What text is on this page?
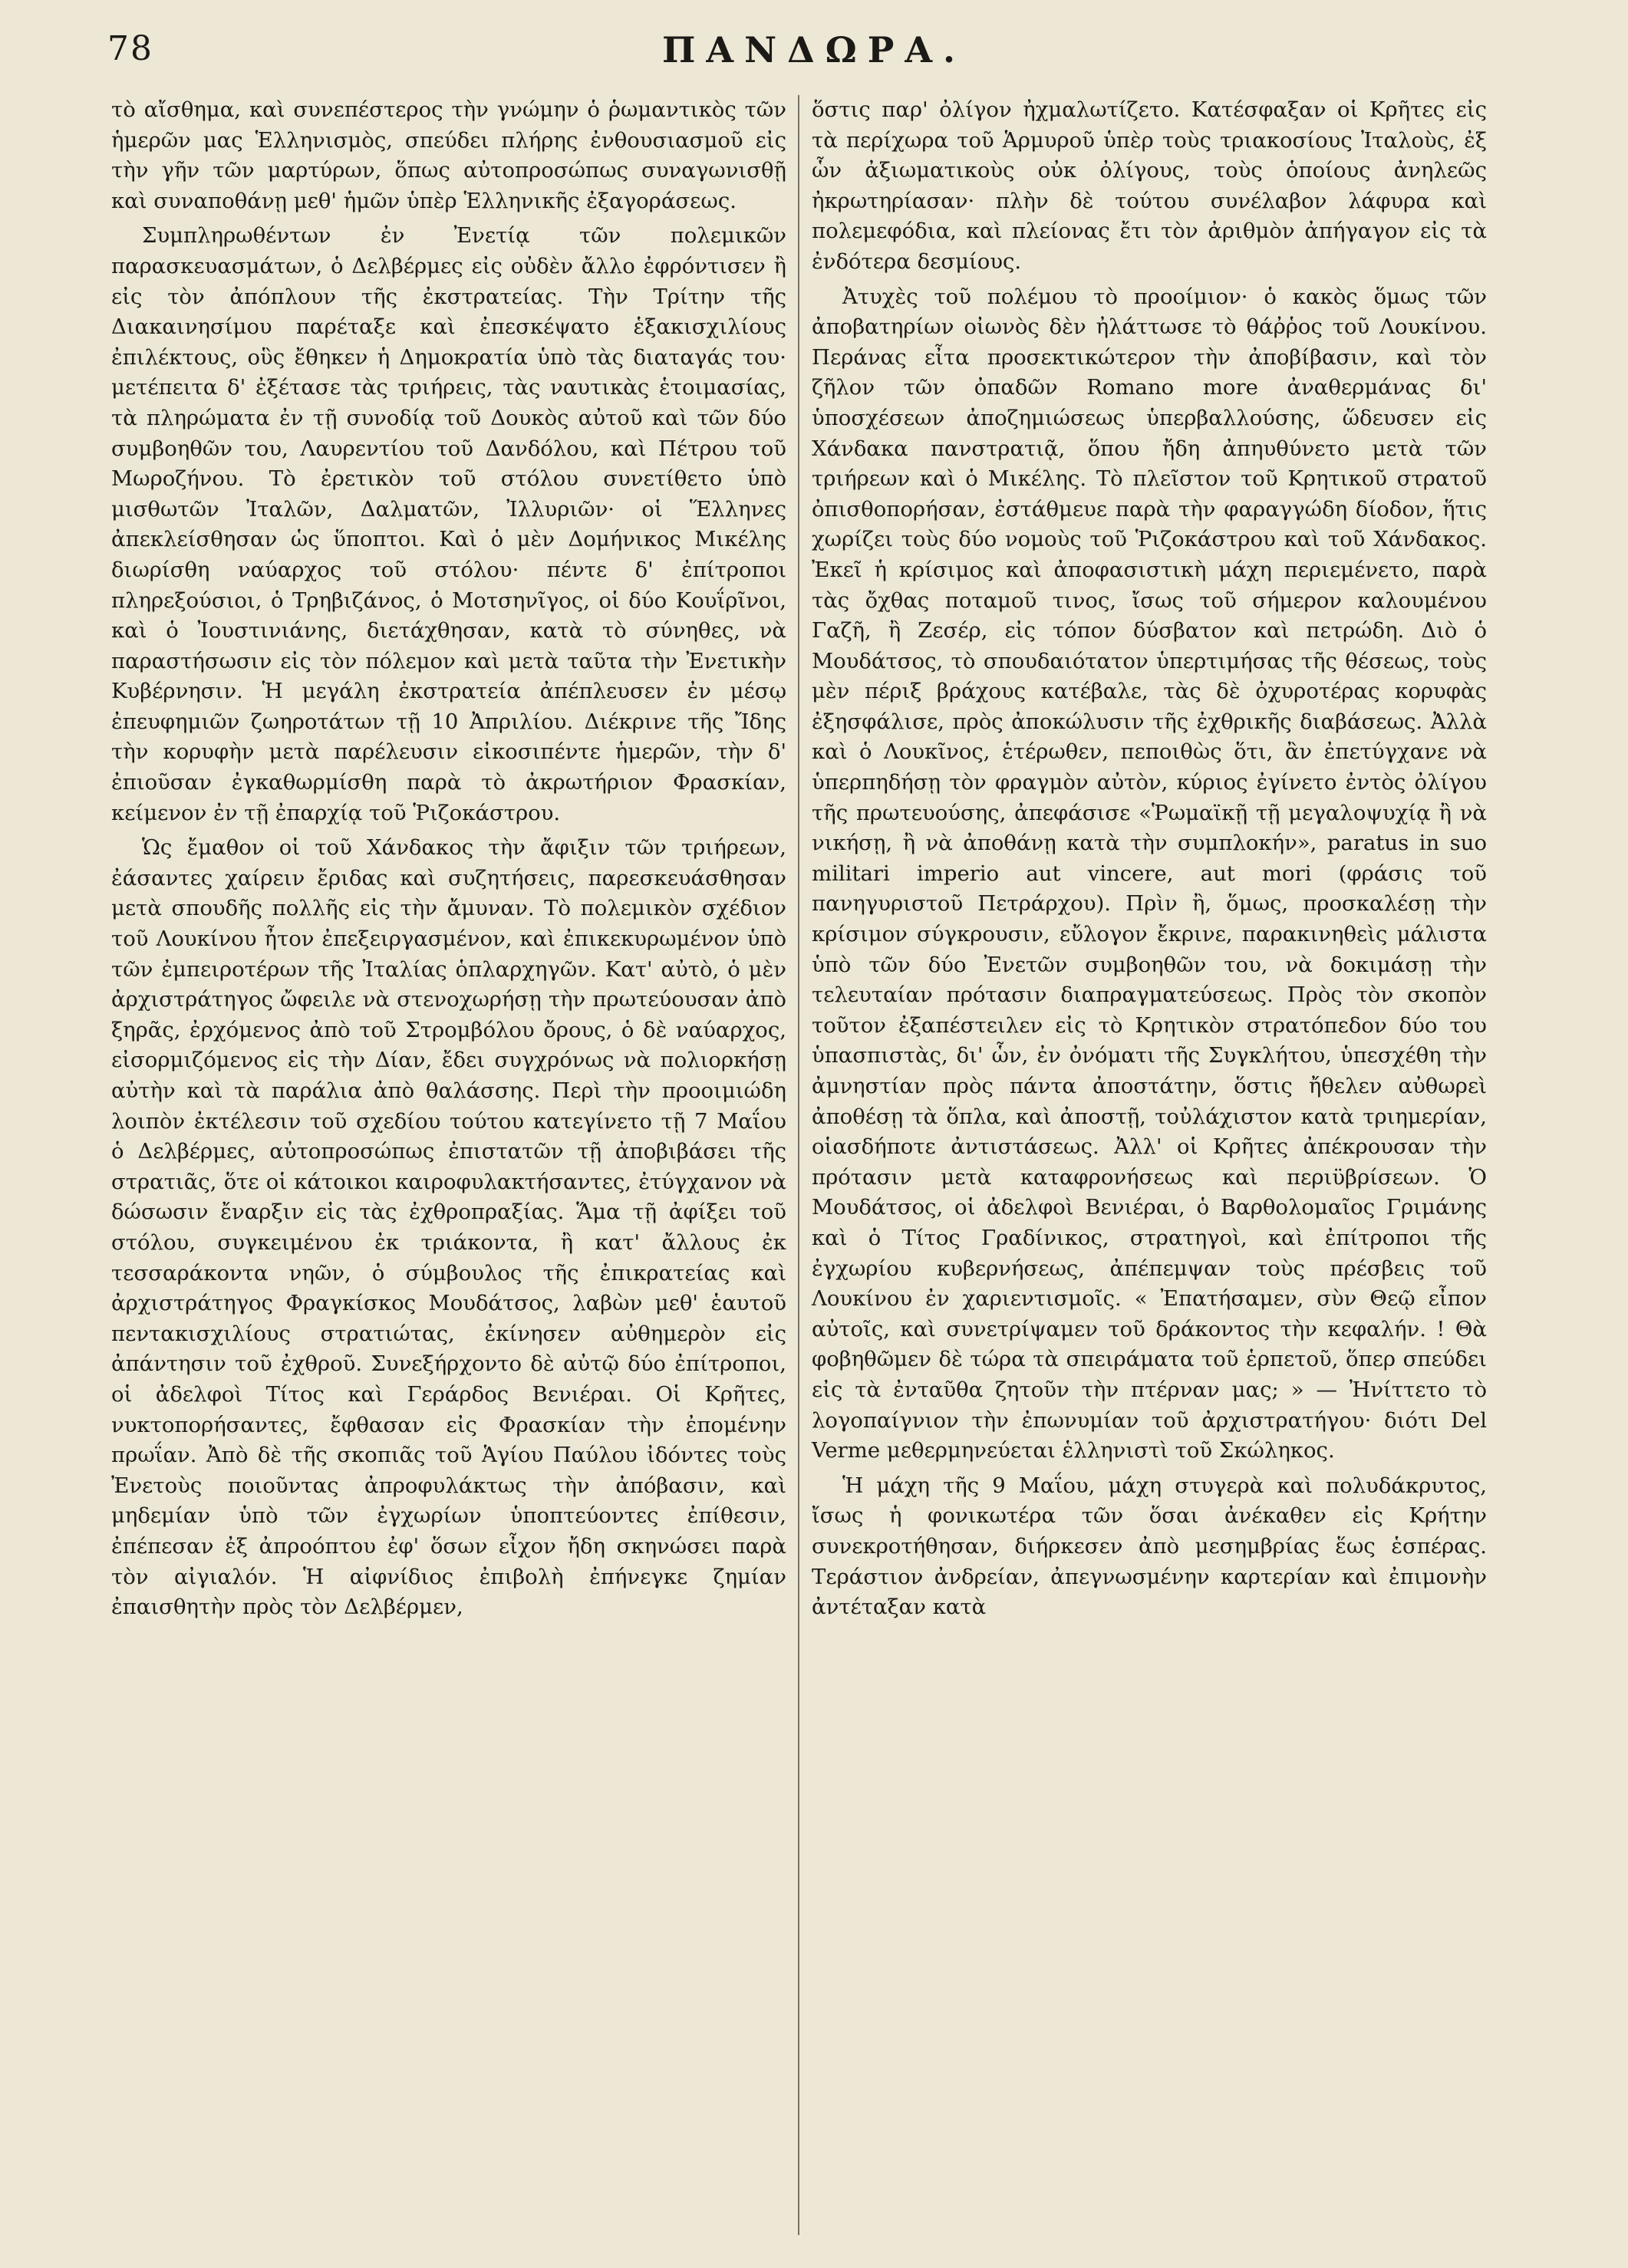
78	ΠΑΝΔΩΡΑ.

τὸ αἴσθημα, καὶ συνεπέστερος τὴν γνώμην ὁ ῥωμαντικὸς τῶν ἡμερῶν μας Ἑλληνισμὸς, σπεύδει πλήρης ἐνθουσιασμοῦ εἰς τὴν γῆν τῶν μαρτύρων, ὅπως αὐτοπροσώπως συναγωνισθῇ καὶ συναποθάνῃ μεθ' ἡμῶν ὑπὲρ Ἑλληνικῆς ἐξαγοράσεως.

Συμπληρωθέντων ἐν Ἐνετίᾳ τῶν πολεμικῶν παρασκευασμάτων, ὁ Δελβέρμες εἰς οὐδὲν ἄλλο ἐφρόντισεν ἢ εἰς τὸν ἀπόπλουν τῆς ἐκστρατείας. Τὴν Τρίτην τῆς Διακαινησίμου παρέταξε καὶ ἐπεσκέψατο ἑξακισχιλίους ἐπιλέκτους, οὓς ἔθηκεν ἡ Δημοκρατία ὑπὸ τὰς διαταγάς του· μετέπειτα δ' ἐξέτασε τὰς τριήρεις, τὰς ναυτικὰς ἑτοιμασίας, τὰ πληρώματα ἐν τῇ συνοδίᾳ τοῦ Δουκὸς αὐτοῦ καὶ τῶν δύο συμβοηθῶν του, Λαυρεντίου τοῦ Δανδόλου, καὶ Πέτρου τοῦ Μωροζήνου. Τὸ ἐρετικὸν τοῦ στόλου συνετίθετο ὑπὸ μισθωτῶν Ἰταλῶν, Δαλματῶν, Ἰλλυριῶν· οἱ Ἕλληνες ἀπεκλείσθησαν ὡς ὕποπτοι. Καὶ ὁ μὲν Δομήνικος Μικέλης διωρίσθη ναύαρχος τοῦ στόλου· πέντε δ' ἐπίτροποι πληρεξούσιοι, ὁ Τρηβιζάνος, ὁ Μοτσηνῖγος, οἱ δύο Κουΐρῖνοι, καὶ ὁ Ἰουστινιάνης, διετάχθησαν, κατὰ τὸ σύνηθες, νὰ παραστήσωσιν εἰς τὸν πόλεμον καὶ μετὰ ταῦτα τὴν Ἐνετικὴν Κυβέρνησιν. Ἡ μεγάλη ἐκστρατεία ἀπέπλευσεν ἐν μέσῳ ἐπευφημιῶν ζωηροτάτων τῇ 10 Ἀπριλίου. Διέκρινε τῆς Ἴδης τὴν κορυφὴν μετὰ παρέλευσιν εἰκοσιπέντε ἡμερῶν, τὴν δ' ἐπιοῦσαν ἐγκαθωρμίσθη παρὰ τὸ ἀκρωτήριον Φρασκίαν, κείμενον ἐν τῇ ἐπαρχίᾳ τοῦ Ῥιζοκάστρου.

Ὡς ἔμαθον οἱ τοῦ Χάνδακος τὴν ἄφιξιν τῶν τριήρεων, ἐάσαντες χαίρειν ἔριδας καὶ συζητήσεις, παρεσκευάσθησαν μετὰ σπουδῆς πολλῆς εἰς τὴν ἄμυναν. Τὸ πολεμικὸν σχέδιον τοῦ Λουκίνου ἦτον ἐπεξειργασμένον, καὶ ἐπικεκυρωμένον ὑπὸ τῶν ἐμπειροτέρων τῆς Ἰταλίας ὁπλαρχηγῶν. Κατ' αὐτὸ, ὁ μὲν ἀρχιστράτηγος ὤφειλε νὰ στενοχωρήσῃ τὴν πρωτεύουσαν ἀπὸ ξηρᾶς, ἐρχόμενος ἀπὸ τοῦ Στρομβόλου ὄρους, ὁ δὲ ναύαρχος, εἰσορμιζόμενος εἰς τὴν Δίαν, ἔδει συγχρόνως νὰ πολιορκήσῃ αὐτὴν καὶ τὰ παράλια ἀπὸ θαλάσσης. Περὶ τὴν προοιμιώδη λοιπὸν ἐκτέλεσιν τοῦ σχεδίου τούτου κατεγίνετο τῇ 7 Μαΐου ὁ Δελβέρμες, αὐτοπροσώπως ἐπιστατῶν τῇ ἀποβιβάσει τῆς στρατιᾶς, ὅτε οἱ κάτοικοι καιροφυλακτήσαντες, ἐτύγχανον νὰ δώσωσιν ἔναρξιν εἰς τὰς ἐχθροπραξίας. Ἅμα τῇ ἀφίξει τοῦ στόλου, συγκειμένου ἐκ τριάκοντα, ἢ κατ' ἄλλους ἐκ τεσσαράκοντα νηῶν, ὁ σύμβουλος τῆς ἐπικρατείας καὶ ἀρχιστράτηγος Φραγκίσκος Μουδάτσος, λαβὼν μεθ' ἑαυτοῦ πεντακισχιλίους στρατιώτας, ἐκίνησεν αὐθημερὸν εἰς ἀπάντησιν τοῦ ἐχθροῦ. Συνεξήρχοντο δὲ αὐτῷ δύο ἐπίτροποι, οἱ ἀδελφοὶ Τίτος καὶ Γεράρδος Βενιέραι. Οἱ Κρῆτες, νυκτοπορήσαντες, ἔφθασαν εἰς Φρασκίαν τὴν ἐπομένην πρωΐαν. Ἀπὸ δὲ τῆς σκοπιᾶς τοῦ Ἁγίου Παύλου ἰδόντες τοὺς Ἐνετοὺς ποιοῦντας ἀπροφυλάκτως τὴν ἀπόβασιν, καὶ μηδεμίαν ὑπὸ τῶν ἐγχωρίων ὑποπτεύοντες ἐπίθεσιν, ἐπέπεσαν ἐξ ἀπροόπτου ἐφ' ὅσων εἶχον ἤδη σκηνώσει παρὰ τὸν αἰγιαλόν. Ἡ αἰφνίδιος ἐπιβολὴ ἐπήνεγκε ζημίαν ἐπαισθητὴν πρὸς τὸν Δελβέρμεν,

ὅστις παρ' ὀλίγον ἠχμαλωτίζετο. Κατέσφαξαν οἱ Κρῆτες εἰς τὰ περίχωρα τοῦ Ἁρμυροῦ ὑπὲρ τοὺς τριακοσίους Ἰταλοὺς, ἐξ ὧν ἀξιωματικοὺς οὐκ ὀλίγους, τοὺς ὁποίους ἀνηλεῶς ἠκρωτηρίασαν· πλὴν δὲ τούτου συνέλαβον λάφυρα καὶ πολεμεφόδια, καὶ πλείονας ἔτι τὸν ἀριθμὸν ἀπήγαγον εἰς τὰ ἐνδότερα δεσμίους.

Ἀτυχὲς τοῦ πολέμου τὸ προοίμιον· ὁ κακὸς ὅμως τῶν ἀποβατηρίων οἰωνὸς δὲν ἠλάττωσε τὸ θάῤῥος τοῦ Λουκίνου. Περάνας εἶτα προσεκτικώτερον τὴν ἀποβίβασιν, καὶ τὸν ζῆλον τῶν ὀπαδῶν Romano more ἀναθερμάνας δι' ὑποσχέσεων ἀποζημιώσεως ὑπερβαλλούσης, ὥδευσεν εἰς Χάνδακα πανστρατιᾷ, ὅπου ἤδη ἀπηυθύνετο μετὰ τῶν τριήρεων καὶ ὁ Μικέλης. Τὸ πλεῖστον τοῦ Κρητικοῦ στρατοῦ ὀπισθοπορήσαν, ἐστάθμευε παρὰ τὴν φαραγγώδη δίοδον, ἥτις χωρίζει τοὺς δύο νομοὺς τοῦ Ῥιζοκάστρου καὶ τοῦ Χάνδακος. Ἐκεῖ ἡ κρίσιμος καὶ ἀποφασιστικὴ μάχη περιεμένετο, παρὰ τὰς ὄχθας ποταμοῦ τινος, ἴσως τοῦ σήμερον καλουμένου Γαζῆ, ἢ Ζεσέρ, εἰς τόπον δύσβατον καὶ πετρώδη. Διὸ ὁ Μουδάτσος, τὸ σπουδαιότατον ὑπερτιμήσας τῆς θέσεως, τοὺς μὲν πέριξ βράχους κατέβαλε, τὰς δὲ ὀχυροτέρας κορυφὰς ἐξησφάλισε, πρὸς ἀποκώλυσιν τῆς ἐχθρικῆς διαβάσεως. Ἀλλὰ καὶ ὁ Λουκῖνος, ἑτέρωθεν, πεποιθὼς ὅτι, ἂν ἐπετύγχανε νὰ ὑπερπηδήσῃ τὸν φραγμὸν αὐτὸν, κύριος ἐγίνετο ἐντὸς ὀλίγου τῆς πρωτευούσης, ἀπεφάσισε «Ῥωμαϊκῇ τῇ μεγαλοψυχίᾳ ἢ νὰ νικήσῃ, ἢ νὰ ἀποθάνῃ κατὰ τὴν συμπλοκήν», paratus in suo militari imperio aut vincere, aut mori (φράσις τοῦ πανηγυριστοῦ Πετράρχου). Πρὶν ἢ, ὅμως, προσκαλέσῃ τὴν κρίσιμον σύγκρουσιν, εὔλογον ἔκρινε, παρακινηθεὶς μάλιστα ὑπὸ τῶν δύο Ἐνετῶν συμβοηθῶν του, νὰ δοκιμάσῃ τὴν τελευταίαν πρότασιν διαπραγματεύσεως. Πρὸς τὸν σκοπὸν τοῦτον ἐξαπέστειλεν εἰς τὸ Κρητικὸν στρατόπεδον δύο του ὑπασπιστὰς, δι' ὧν, ἐν ὀνόματι τῆς Συγκλήτου, ὑπεσχέθη τὴν ἀμνηστίαν πρὸς πάντα ἀποστάτην, ὅστις ἤθελεν αὐθωρεὶ ἀποθέσῃ τὰ ὅπλα, καὶ ἀποστῇ, τοὐλάχιστον κατὰ τριημερίαν, οἱασδήποτε ἀντιστάσεως. Ἀλλ' οἱ Κρῆτες ἀπέκρουσαν τὴν πρότασιν μετὰ καταφρονήσεως καὶ περιϋβρίσεων. Ὁ Μουδάτσος, οἱ ἀδελφοὶ Βενιέραι, ὁ Βαρθολομαῖος Γριμάνης καὶ ὁ Τίτος Γραδίνικος, στρατηγοὶ, καὶ ἐπίτροποι τῆς ἐγχωρίου κυβερνήσεως, ἀπέπεμψαν τοὺς πρέσβεις τοῦ Λουκίνου ἐν χαριεντισμοῖς. « Ἐπατήσαμεν, σὺν Θεῷ εἶπον αὐτοῖς, καὶ συνετρίψαμεν τοῦ δράκοντος τὴν κεφαλήν. ! Θὰ φοβηθῶμεν δὲ τώρα τὰ σπειράματα τοῦ ἑρπετοῦ, ὅπερ σπεύδει εἰς τὰ ἐνταῦθα ζητοῦν τὴν πτέρναν μας; » — Ἠνίττετο τὸ λογοπαίγνιον τὴν ἐπωνυμίαν τοῦ ἀρχιστρατήγου· διότι Del Verme μεθερμηνεύεται ἑλληνιστὶ τοῦ Σκώληκος.

Ἡ μάχη τῆς 9 Μαΐου, μάχη στυγερὰ καὶ πολυδάκρυτος, ἴσως ἡ φονικωτέρα τῶν ὅσαι ἀνέκαθεν εἰς Κρήτην συνεκροτήθησαν, διήρκεσεν ἀπὸ μεσημβρίας ἕως ἑσπέρας. Τεράστιον ἀνδρείαν, ἀπεγνωσμένην καρτερίαν καὶ ἐπιμονὴν ἀντέταξαν κατὰ
